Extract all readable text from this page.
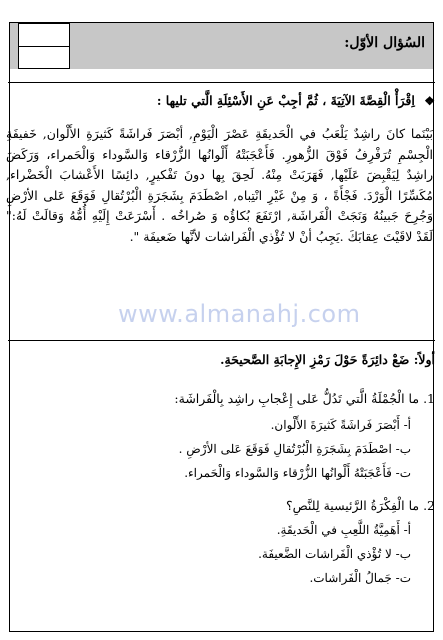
السُؤال الأوّل:
❖ اِقْرَأْ الْقِصَّةَ الآتِيَةَ ، ثُمَّ أجِبْ عَنِ الأَسْئِلَةِ الَّتي تليها :

بَيْنَما كانَ راشِدٌ يَلْعَبُ في الْحَديقَةِ عَصْرَ الْيَوْمِ, أبْصَرَ فَراشَةً كَثيرَةِ الأَلْوان, خَفيفَةِ الْجِسْمِ تُرَفْرِفُ فَوْقَ الزُّهورِ. فَأَعْجَبَتْهُ أَلْوانُها الزُّرْقاء وَالسَّوداء وَالْحَمراء، وَرَكَضَ راشِدٌ لِيَقْبِضَ عَلَيْها, فَهَرَبَتْ مِنْهُ. لَحِقَ بِها دونَ تَفْكيرٍ, دائِسًا الأَعْشابَ الْخَضْراء, مُكَسِّرًا الْوَرْدَ. فَجْأَةً ، وَ مِنْ غَيْرِ انْتِباه, اصْطَدَمَ بِشَجَرَةِ الْبُرْتُقالِ فَوَقَعَ عَلى الأرْضِ وَجُرِحَ جَبينُهُ وَنَجَتْ الْفَراشَة, ارْتَفَعَ بُكاؤُه وَ صُراخُه . أَسْرَعَتْ إِلَيْهِ أُمُّهُ وَقالَتْ لَهُ:" لَقَدْ لاقَيْتَ عِقابَكَ .يَجِبُ أنْ لا تُؤْذي الْفَراشات لأنَّها ضَعيفَة ".

www.almanahj.com
أولاً: ضَعْ دائِرَةً حَوْلَ رَمْزِ الإِجابَةِ الصَّحيحَةِ.
1. ما الْجُمْلَةُ الَّتي تَدُلُّ عَلى إِعْجابِ راشِد بِالْفَراشَة:
أ- أَبْصَرَ فَراشَةً كَثيرَةَ الأَلْوان.
ب- اصْطَدَمَ بِشَجَرَةِ الْبُرْتُقالِ فَوَقَعَ عَلى الأرْضِ .
ت- فَأَعْجَبَتْهُ أَلْوانُها الزُّرْقاء وَالسَّوداء وَالْحَمراء.
2. ما الْفِكْرَةُ الرَّئيسية لِلنَّصِ؟
أ- أَهَمِيَّةُ اللَّعِبِ في الْحَديقَةِ.
ب- لا تُؤْذي الْفَراشات الضَّعيفَة.
ت- جَمالُ الْفَراشات.
